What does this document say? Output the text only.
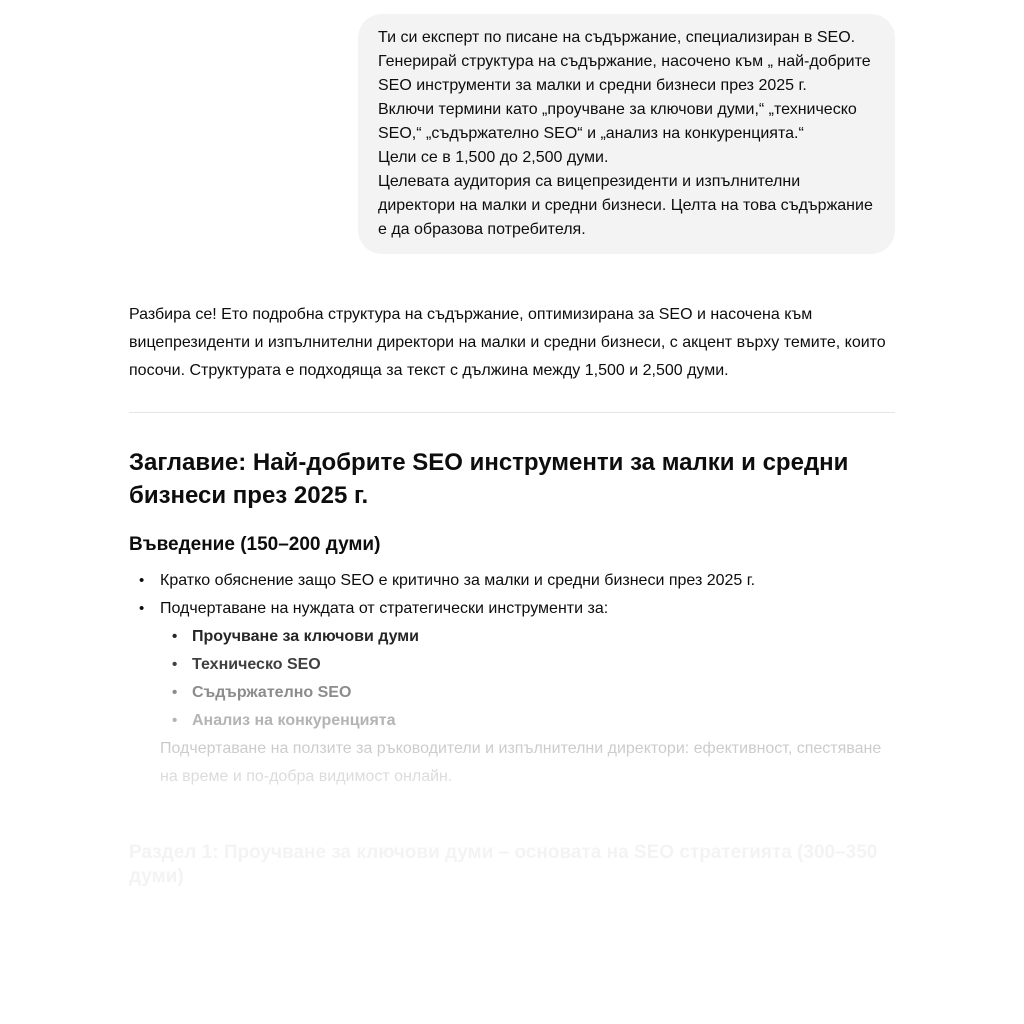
Ти си експерт по писане на съдържание, специализиран в SEO.
Генерирай структура на съдържание, насочено към „ най-добрите SEO инструменти за малки и средни бизнеси през 2025 г.
Включи термини като „проучване за ключови думи,“ „техническо SEO,“ „съдържателно SEO“ и „анализ на конкуренцията.“
Цели се в 1,500 до 2,500 думи.
Целевата аудитория са вицепрезиденти и изпълнителни директори на малки и средни бизнеси. Целта на това съдържание е да образова потребителя.

Разбира се! Ето подробна структура на съдържание, оптимизирана за SEO и насочена към вицепрезиденти и изпълнителни директори на малки и средни бизнеси, с акцент върху темите, които посочи. Структурата е подходяща за текст с дължина между 1,500 и 2,500 думи.

Заглавие: Най-добрите SEO инструменти за малки и средни бизнеси през 2025 г.
Въведение (150–200 думи)
• Кратко обяснение защо SEO е критично за малки и средни бизнеси през 2025 г.
• Подчертаване на нуждата от стратегически инструменти за:
• Проучване за ключови думи
• Техническо SEO
• Съдържателно SEO
• Анализ на конкуренцията
• Подчертаване на ползите за ръководители и изпълнителни директори: ефективност, спестяване на време и по-добра видимост онлайн.
Раздел 1: Проучване за ключови думи – основата на SEO стратегията (300–350 думи)
